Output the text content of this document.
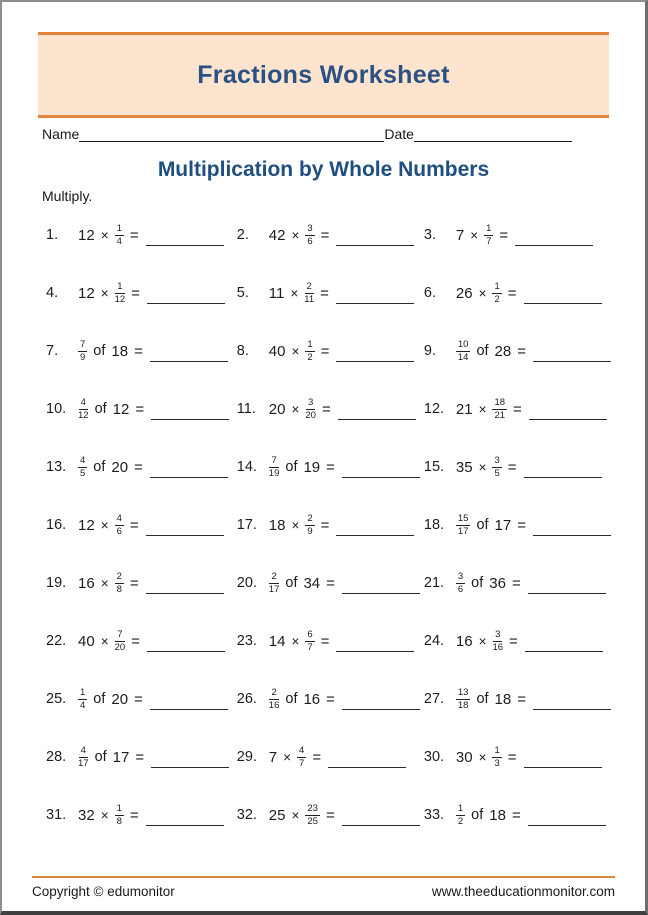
Fractions Worksheet
Name	Date
Multiplication by Whole Numbers
Multiply.
1.	$12 \times \frac{1}{4}$ =	2.	$42 \times \frac{3}{6}$ =	3.	$7 \times \frac{1}{7}$ =
4.	$12 \times \frac{1}{12}$ =	5.	$11 \times \frac{2}{11}$ =	6.	$26 \times \frac{1}{2}$ =
7.	$\frac{7}{9}$ of 18 =	8.	$40 \times \frac{1}{2}$ =	9.	$\frac{10}{14}$ of 28 =
10.	$\frac{4}{12}$ of 12 =	11. $20 \times \frac{3}{20}$ =	12. $21 \times \frac{18}{21}$ =
13.	$\frac{4}{5}$ of 20 =	14.	$\frac{7}{19}$ of 19 =	15. $35 \times \frac{3}{5}$ =
16. $12 \times \frac{4}{6}$ =	17. $18 \times \frac{2}{9}$ =	18.	$\frac{15}{17}$ of 17 =
19. $16 \times \frac{2}{8}$ =	20.	$\frac{2}{17}$ of 34 =	21.	$\frac{3}{6}$ of 36 =
22. $40 \times \frac{7}{20}$ =	23. $14 \times \frac{6}{7}$ =	24. $16 \times \frac{3}{16}$ =
25.	$\frac{1}{4}$ of 20 =	26.	$\frac{2}{16}$ of 16 =	27.	$\frac{13}{18}$ of 18 =
28.	$\frac{4}{17}$ of 17 =	29. $7 \times \frac{4}{7}$ =	30. $30 \times \frac{1}{3}$ =
31. $32 \times \frac{1}{8}$ =	32. $25 \times \frac{23}{25}$ =	33.	$\frac{1}{2}$ of 18 =
Copyright © edumonitor	www.theeducationmonitor.com
